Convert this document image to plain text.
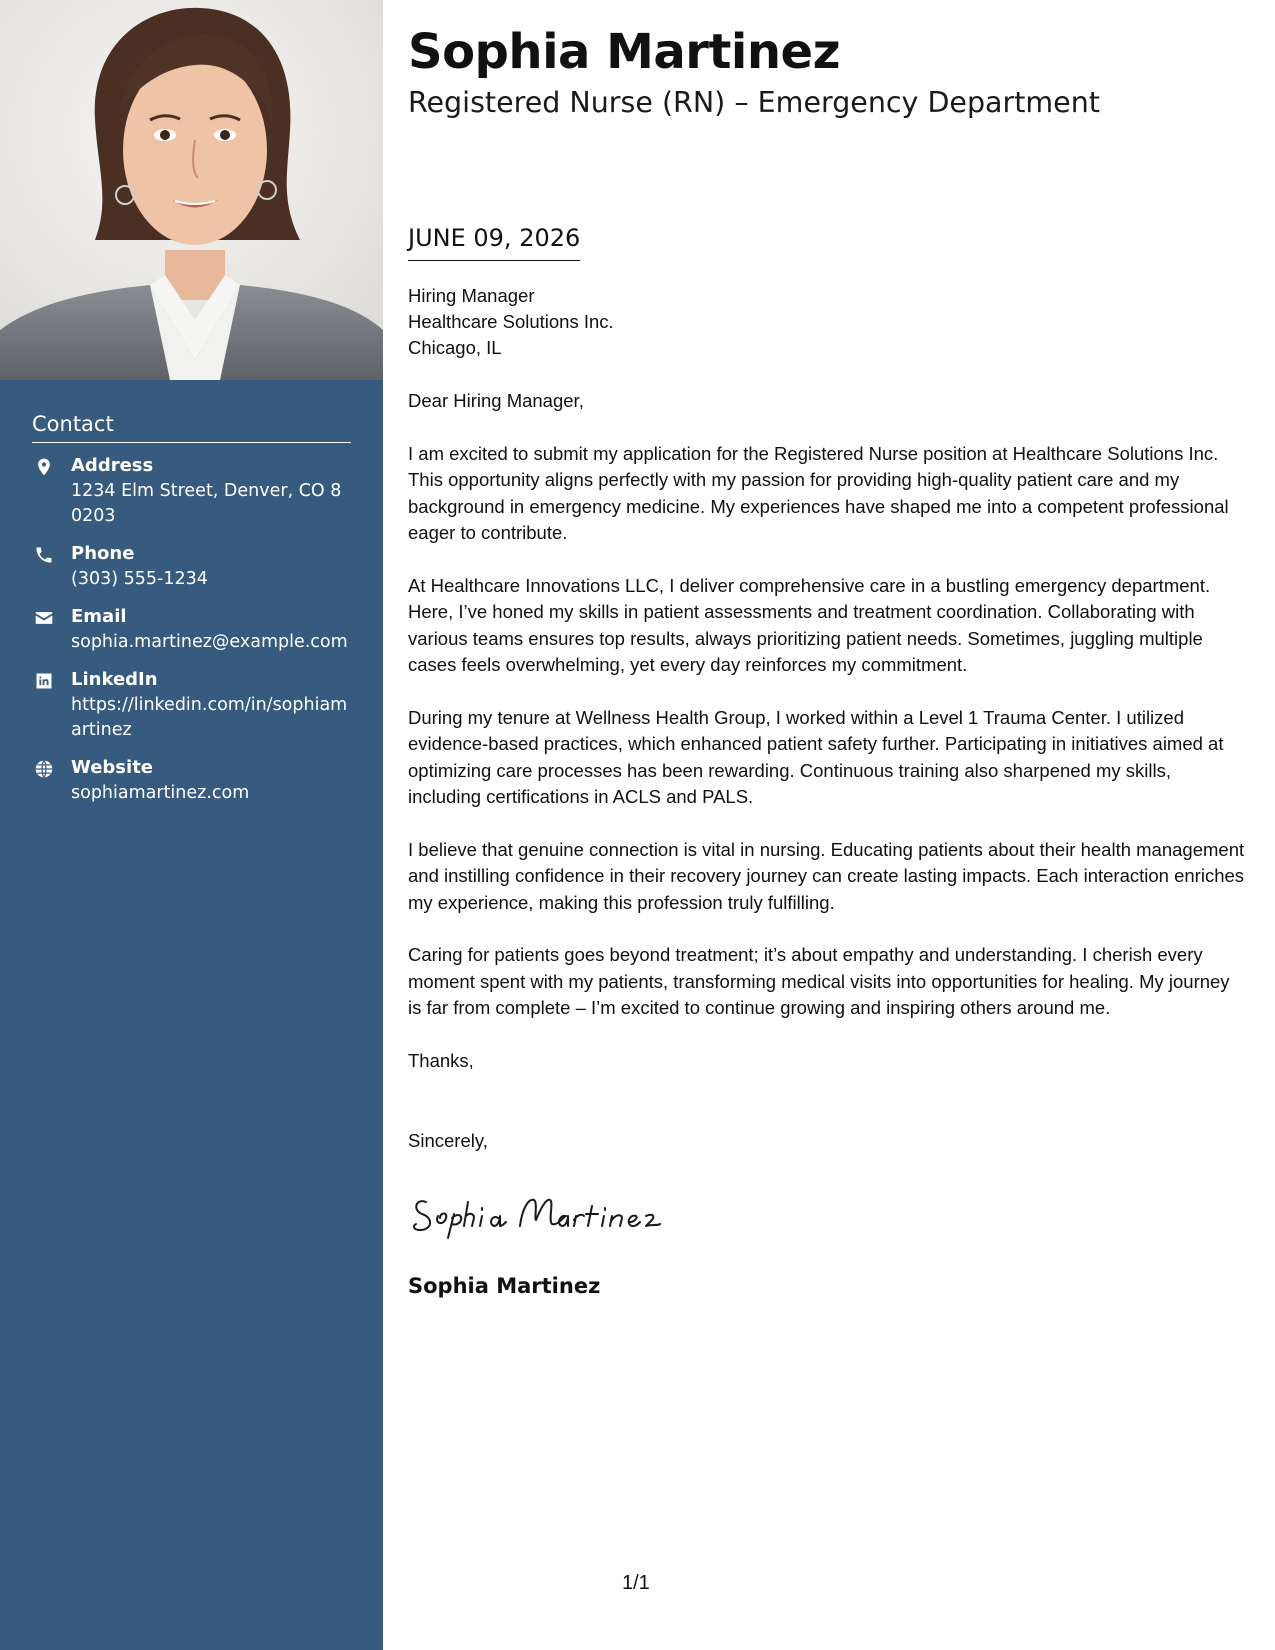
Contact
Address
1234 Elm Street, Denver, CO 80203
Phone
(303) 555-1234
Email
sophia.martinez@example.com
LinkedIn
https://linkedin.com/in/sophiamartinez
Website
sophiamartinez.com
Sophia Martinez
Registered Nurse (RN) – Emergency Department
JUNE 09, 2026
Hiring Manager
Healthcare Solutions Inc.
Chicago, IL

Dear Hiring Manager,

I am excited to submit my application for the Registered Nurse position at Healthcare Solutions Inc. This opportunity aligns perfectly with my passion for providing high-quality patient care and my background in emergency medicine. My experiences have shaped me into a competent professional eager to contribute.

At Healthcare Innovations LLC, I deliver comprehensive care in a bustling emergency department. Here, I’ve honed my skills in patient assessments and treatment coordination. Collaborating with various teams ensures top results, always prioritizing patient needs. Sometimes, juggling multiple cases feels overwhelming, yet every day reinforces my commitment.

During my tenure at Wellness Health Group, I worked within a Level 1 Trauma Center. I utilized evidence-based practices, which enhanced patient safety further. Participating in initiatives aimed at optimizing care processes has been rewarding. Continuous training also sharpened my skills, including certifications in ACLS and PALS.

I believe that genuine connection is vital in nursing. Educating patients about their health management and instilling confidence in their recovery journey can create lasting impacts. Each interaction enriches my experience, making this profession truly fulfilling.

Caring for patients goes beyond treatment; it’s about empathy and understanding. I cherish every moment spent with my patients, transforming medical visits into opportunities for healing. My journey is far from complete – I’m excited to continue growing and inspiring others around me.

Thanks,

Sincerely,
Sophia Martinez
1/1
